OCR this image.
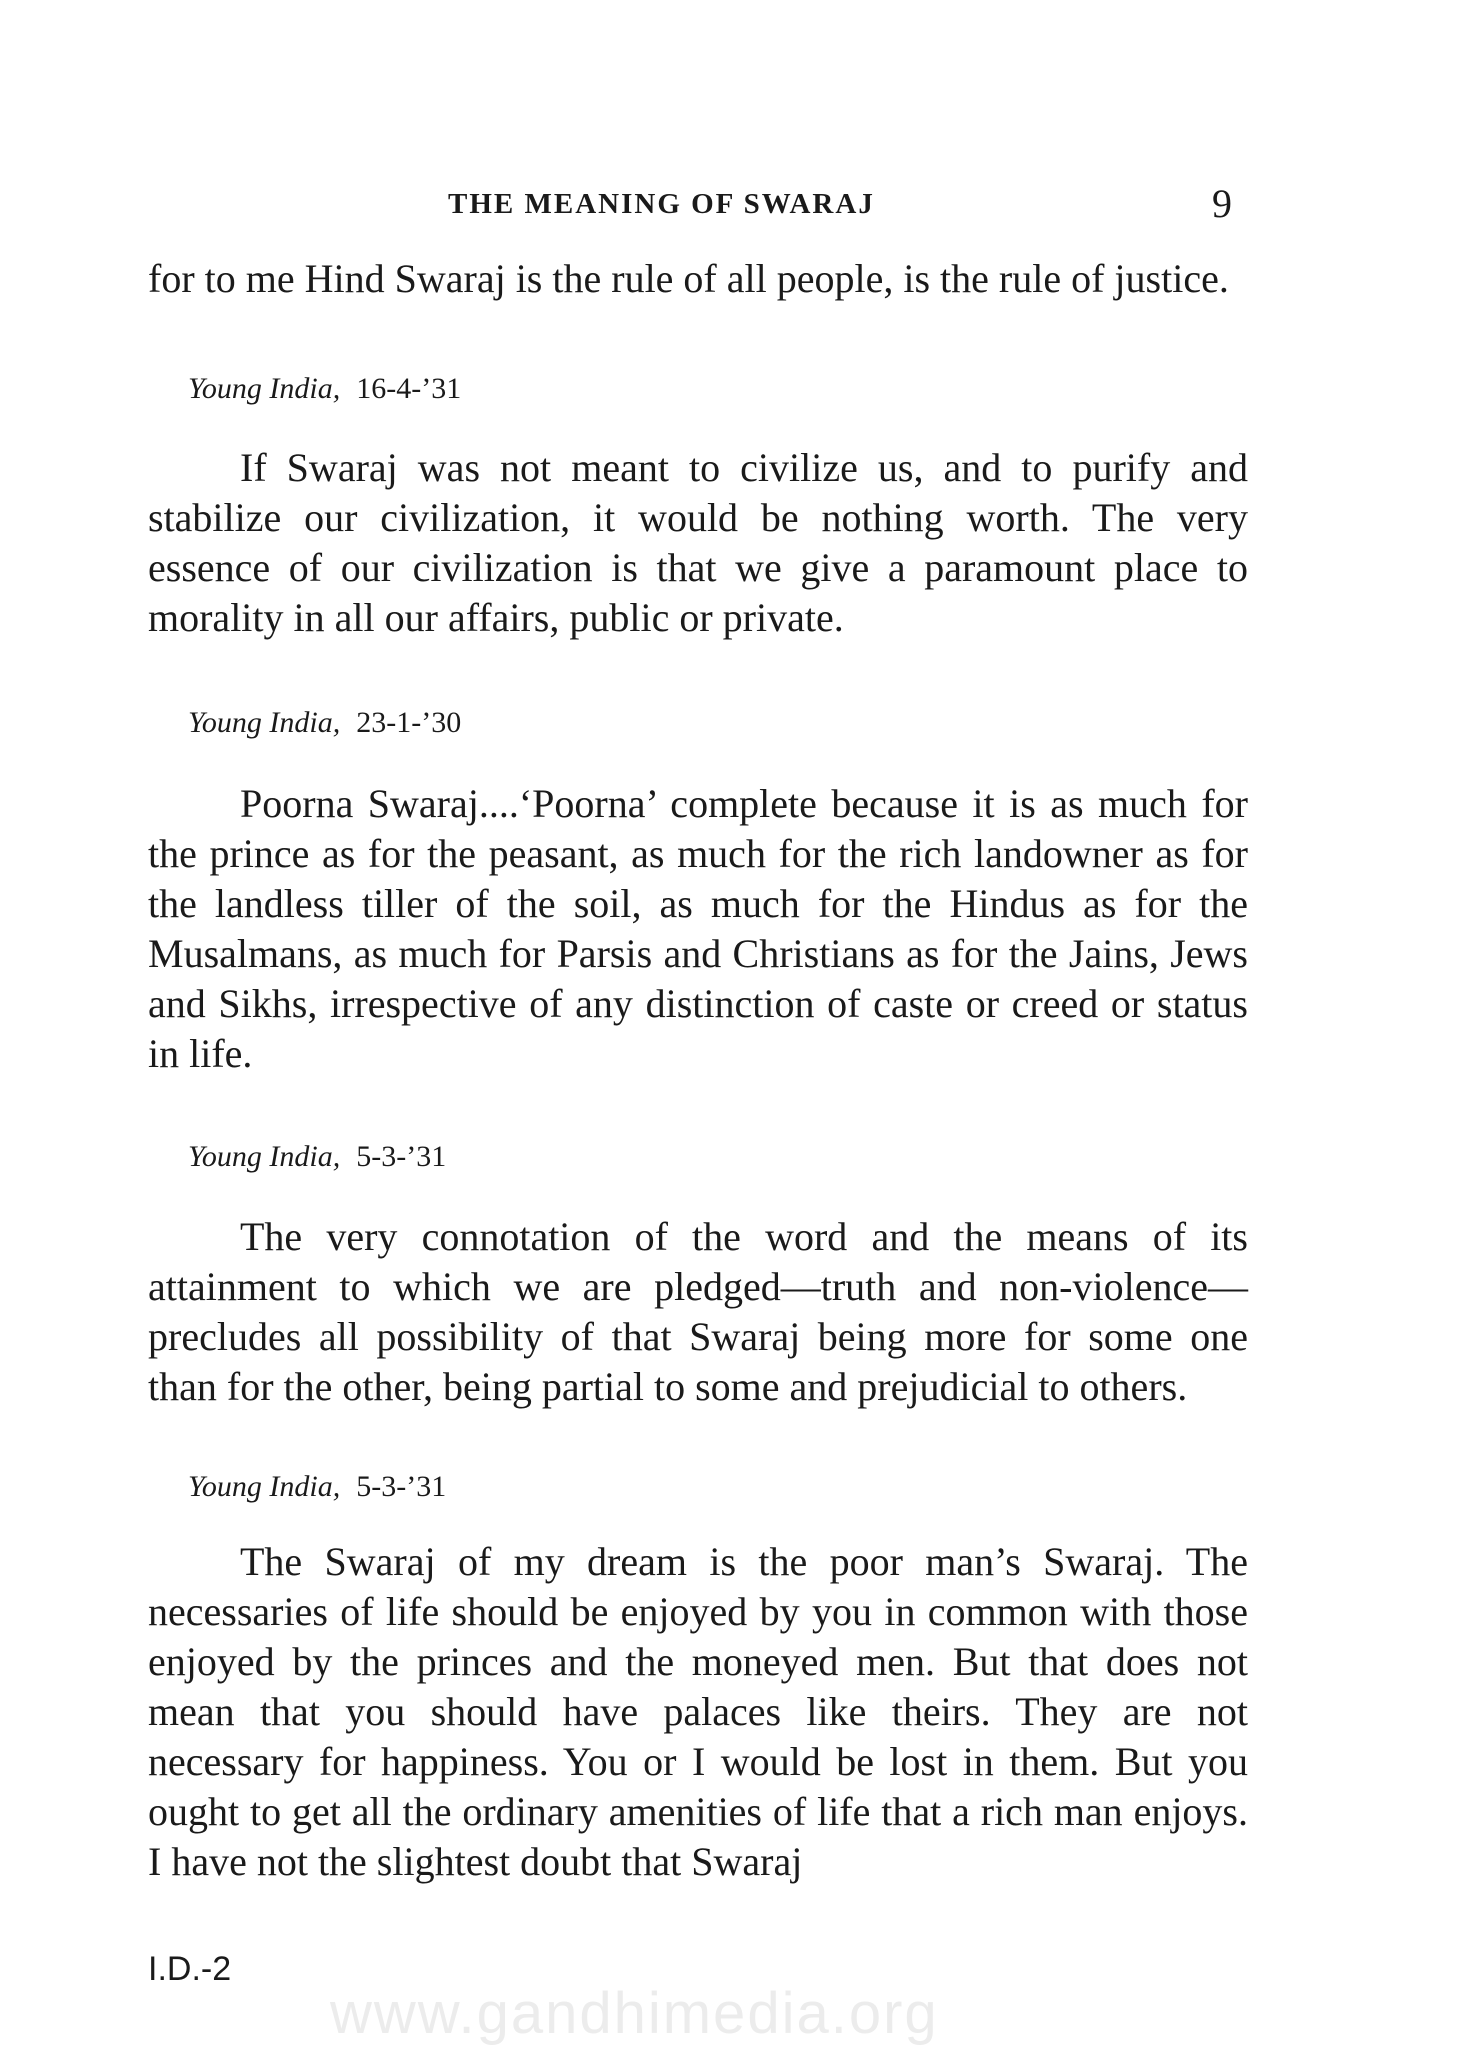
THE MEANING OF SWARAJ	9

for to me Hind Swaraj is the rule of all people, is the rule of justice.

Young India, 16-4-’31

If Swaraj was not meant to civilize us, and to purify and stabilize our civilization, it would be nothing worth. The very essence of our civilization is that we give a paramount place to morality in all our affairs, public or private.

Young India, 23-1-’30

Poorna Swaraj....‘Poorna’ complete because it is as much for the prince as for the peasant, as much for the rich landowner as for the landless tiller of the soil, as much for the Hindus as for the Musalmans, as much for Parsis and Christians as for the Jains, Jews and Sikhs, irrespective of any distinction of caste or creed or status in life.

Young India, 5-3-’31

The very connotation of the word and the means of its attainment to which we are pledged—truth and non-violence—precludes all possibility of that Swaraj being more for some one than for the other, being partial to some and prejudicial to others.

Young India, 5-3-’31

The Swaraj of my dream is the poor man’s Swaraj. The necessaries of life should be enjoyed by you in common with those enjoyed by the princes and the moneyed men. But that does not mean that you should have palaces like theirs. They are not necessary for happiness. You or I would be lost in them. But you ought to get all the ordinary amenities of life that a rich man enjoys. I have not the slightest doubt that Swaraj

I.D.-2
www.gandhimedia.org
